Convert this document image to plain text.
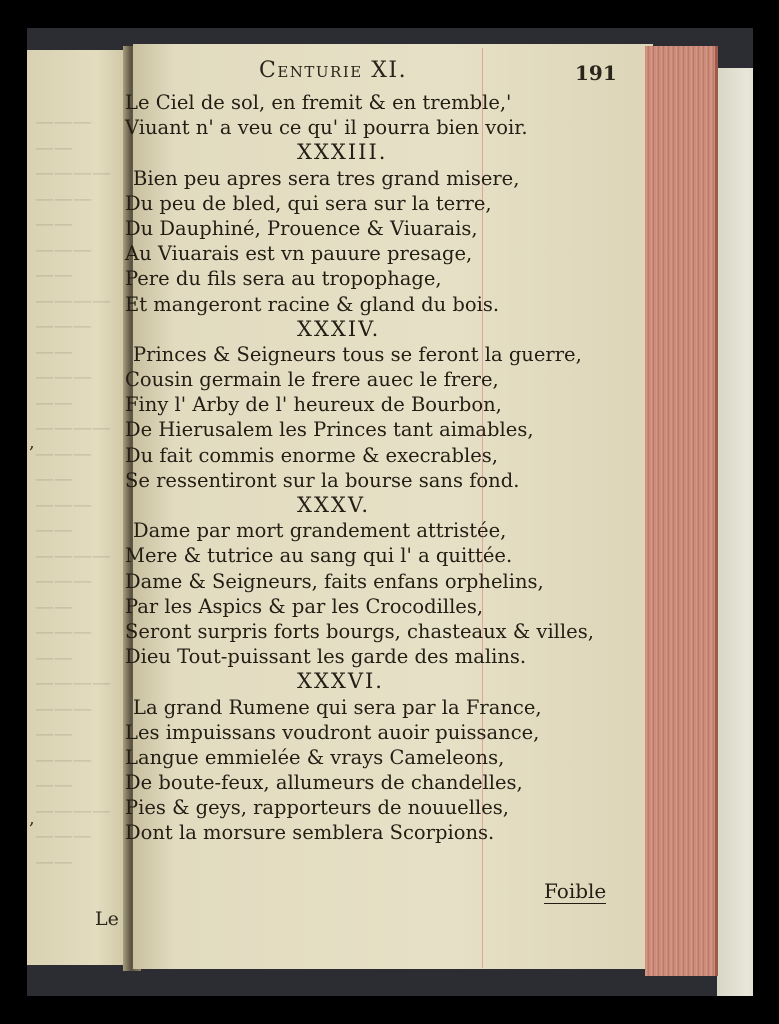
———
——
————
———
——
———
——
————
———
——
———
——
————
———
——
———
——
————
———
——
———
——
————
———
——
———
——
————
———
——
,
,
Le
Centurie XI.	191
Le Ciel de sol, en fremit & en tremble,'
Viuant n' a veu ce qu' il pourra bien voir.
XXXIII.
Bien peu apres sera tres grand misere,
Du peu de bled, qui sera sur la terre,
Du Dauphiné, Prouence & Viuarais,
Au Viuarais est vn pauure presage,
Pere du fils sera au tropophage,
Et mangeront racine & gland du bois.
XXXIV.
Princes & Seigneurs tous se feront la guerre,
Cousin germain le frere auec le frere,
Finy l' Arby de l' heureux de Bourbon,
De Hierusalem les Princes tant aimables,
Du fait commis enorme & execrables,
Se ressentiront sur la bourse sans fond.
XXXV.
Dame par mort grandement attristée,
Mere & tutrice au sang qui l' a quittée.
Dame & Seigneurs, faits enfans orphelins,
Par les Aspics & par les Crocodilles,
Seront surpris forts bourgs, chasteaux & villes,
Dieu Tout-puissant les garde des malins.
XXXVI.
La grand Rumene qui sera par la France,
Les impuissans voudront auoir puissance,
Langue emmielée & vrays Cameleons,
De boute-feux, allumeurs de chandelles,
Pies & geys, rapporteurs de nouuelles,
Dont la morsure semblera Scorpions.
Foible
